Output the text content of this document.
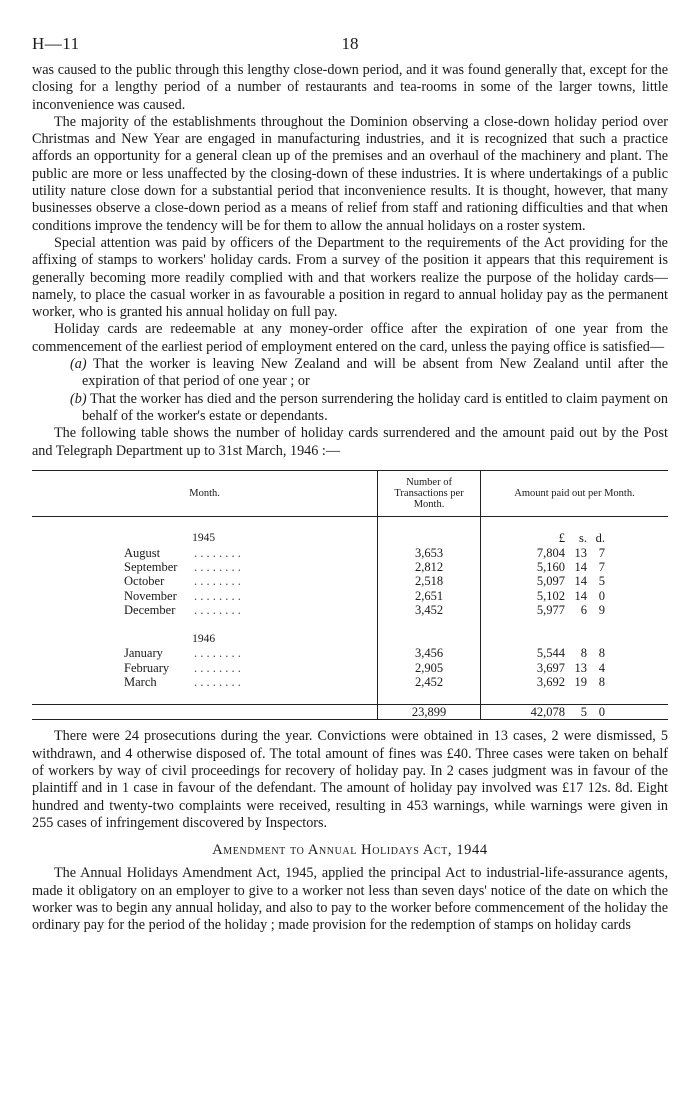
H—11	18

was caused to the public through this lengthy close-down period, and it was found generally that, except for the closing for a lengthy period of a number of restaurants and tea-rooms in some of the larger towns, little inconvenience was caused.

The majority of the establishments throughout the Dominion observing a close-down holiday period over Christmas and New Year are engaged in manufacturing industries, and it is recognized that such a practice affords an opportunity for a general clean up of the premises and an overhaul of the machinery and plant. The public are more or less unaffected by the closing-down of these industries. It is where undertakings of a public utility nature close down for a substantial period that inconvenience results. It is thought, however, that many businesses observe a close-down period as a means of relief from staff and rationing difficulties and that when conditions improve the tendency will be for them to allow the annual holidays on a roster system.

Special attention was paid by officers of the Department to the requirements of the Act providing for the affixing of stamps to workers' holiday cards. From a survey of the position it appears that this requirement is generally becoming more readily complied with and that workers realize the purpose of the holiday cards—namely, to place the casual worker in as favourable a position in regard to annual holiday pay as the permanent worker, who is granted his annual holiday on full pay.

Holiday cards are redeemable at any money-order office after the expiration of one year from the commencement of the earliest period of employment entered on the card, unless the paying office is satisfied—

(a) That the worker is leaving New Zealand and will be absent from New Zealand until after the expiration of that period of one year ; or
(b) That the worker has died and the person surrendering the holiday card is entitled to claim payment on behalf of the worker's estate or dependants.

The following table shows the number of holiday cards surrendered and the amount paid out by the Post and Telegraph Department up to 31st March, 1946 :—

Month.	Number of Transactions per Month.	Amount paid out per Month.

1945		£ s. d.

August . . . . . . . .	3,653	7,804 13 7

September . . . . . . . .	2,812	5,160 14 7

October . . . . . . . .	2,518	5,097 14 5

November . . . . . . . .	2,651	5,102 14 0

December . . . . . . . .	3,452	5,977 6 9

1946		
January . . . . . . . .	3,456	5,544 8 8

February . . . . . . . .	2,905	3,697 13 4

March . . . . . . . .	2,452	3,692 19 8

	23,899	42,078 5 0

There were 24 prosecutions during the year. Convictions were obtained in 13 cases, 2 were dismissed, 5 withdrawn, and 4 otherwise disposed of. The total amount of fines was £40. Three cases were taken on behalf of workers by way of civil proceedings for recovery of holiday pay. In 2 cases judgment was in favour of the plaintiff and in 1 case in favour of the defendant. The amount of holiday pay involved was £17 12s. 8d. Eight hundred and twenty-two complaints were received, resulting in 453 warnings, while warnings were given in 255 cases of infringement discovered by Inspectors.

Amendment to Annual Holidays Act, 1944

The Annual Holidays Amendment Act, 1945, applied the principal Act to industrial-life-assurance agents, made it obligatory on an employer to give to a worker not less than seven days' notice of the date on which the worker was to begin any annual holiday, and also to pay to the worker before commencement of the holiday the ordinary pay for the period of the holiday ; made provision for the redemption of stamps on holiday cards
